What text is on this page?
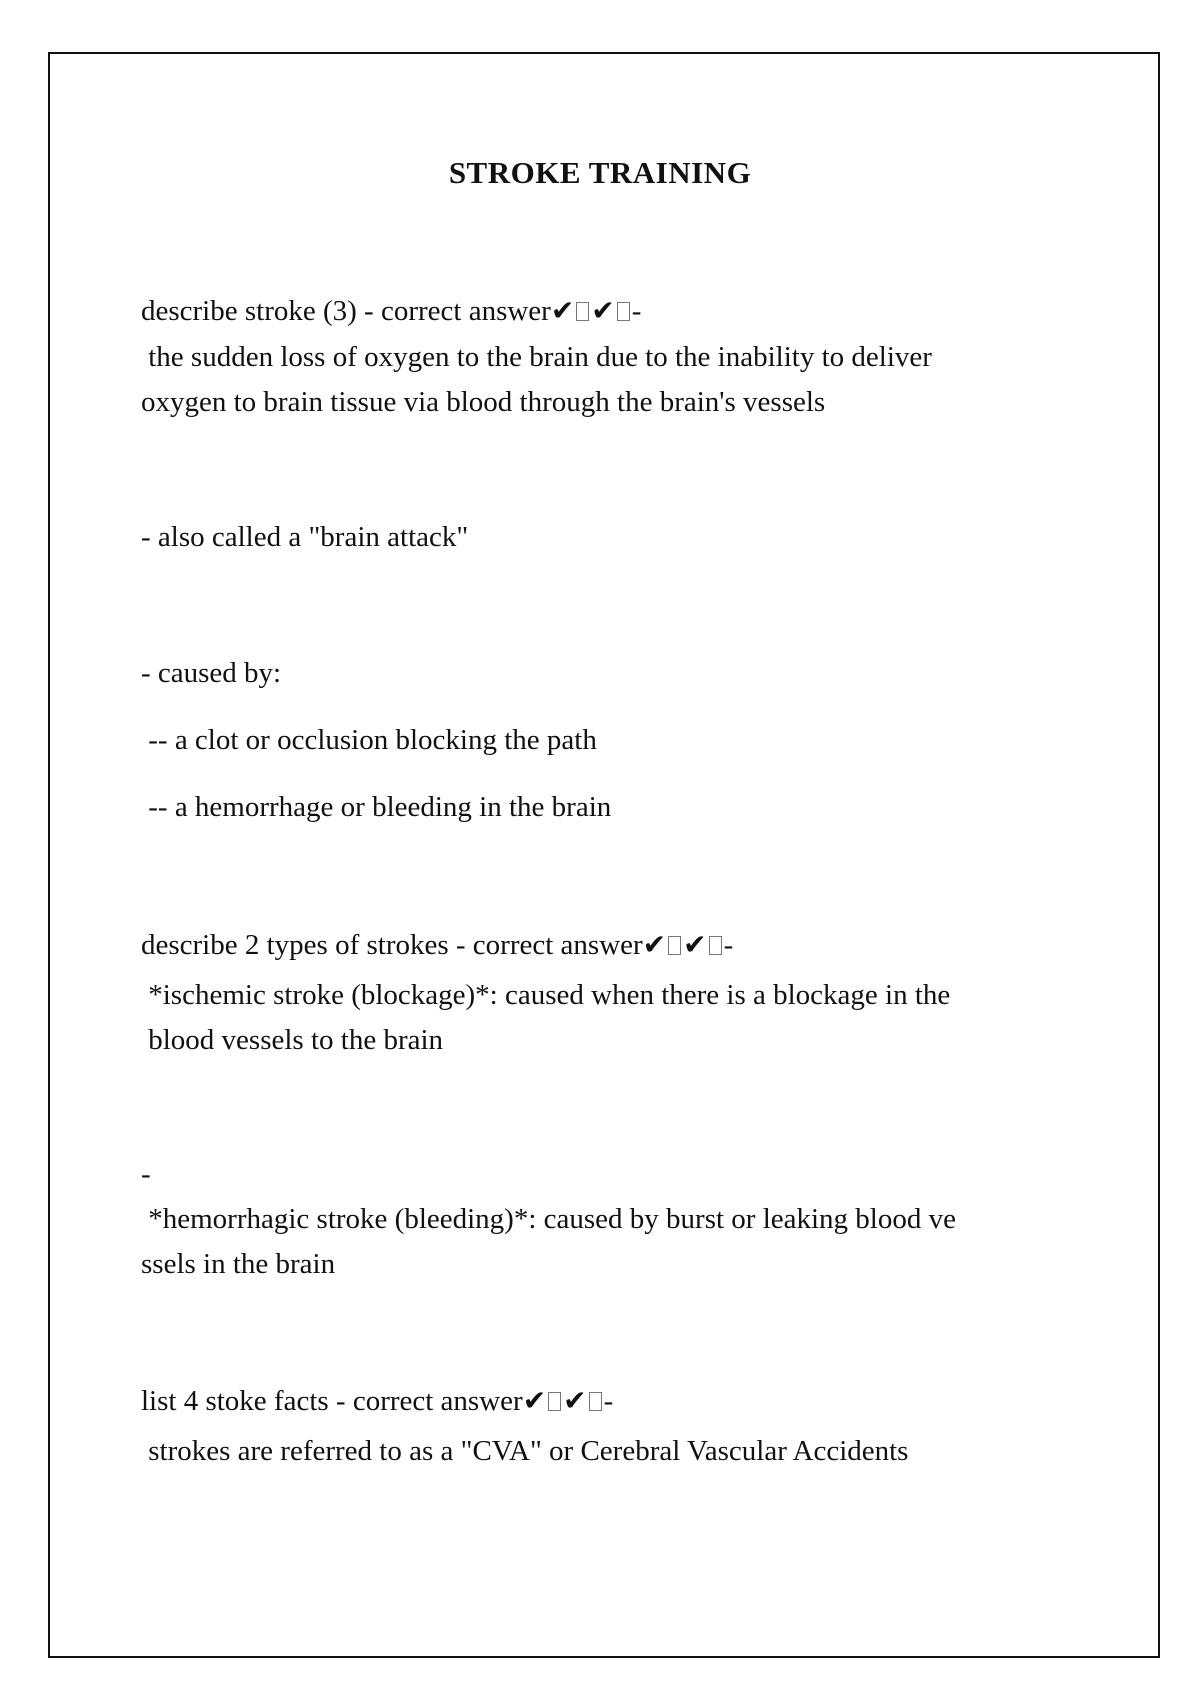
STROKE TRAINING
describe stroke (3) - correct answer✔ ✔ -
the sudden loss of oxygen to the brain due to the inability to deliver
oxygen to brain tissue via blood through the brain's vessels
- also called a "brain attack"
- caused by:
-- a clot or occlusion blocking the path
-- a hemorrhage or bleeding in the brain
describe 2 types of strokes - correct answer✔ ✔ -
*ischemic stroke (blockage)*: caused when there is a blockage in the
blood vessels to the brain
-
*hemorrhagic stroke (bleeding)*: caused by burst or leaking blood ve
ssels in the brain
list 4 stoke facts - correct answer✔ ✔ -
strokes are referred to as a "CVA" or Cerebral Vascular Accidents
